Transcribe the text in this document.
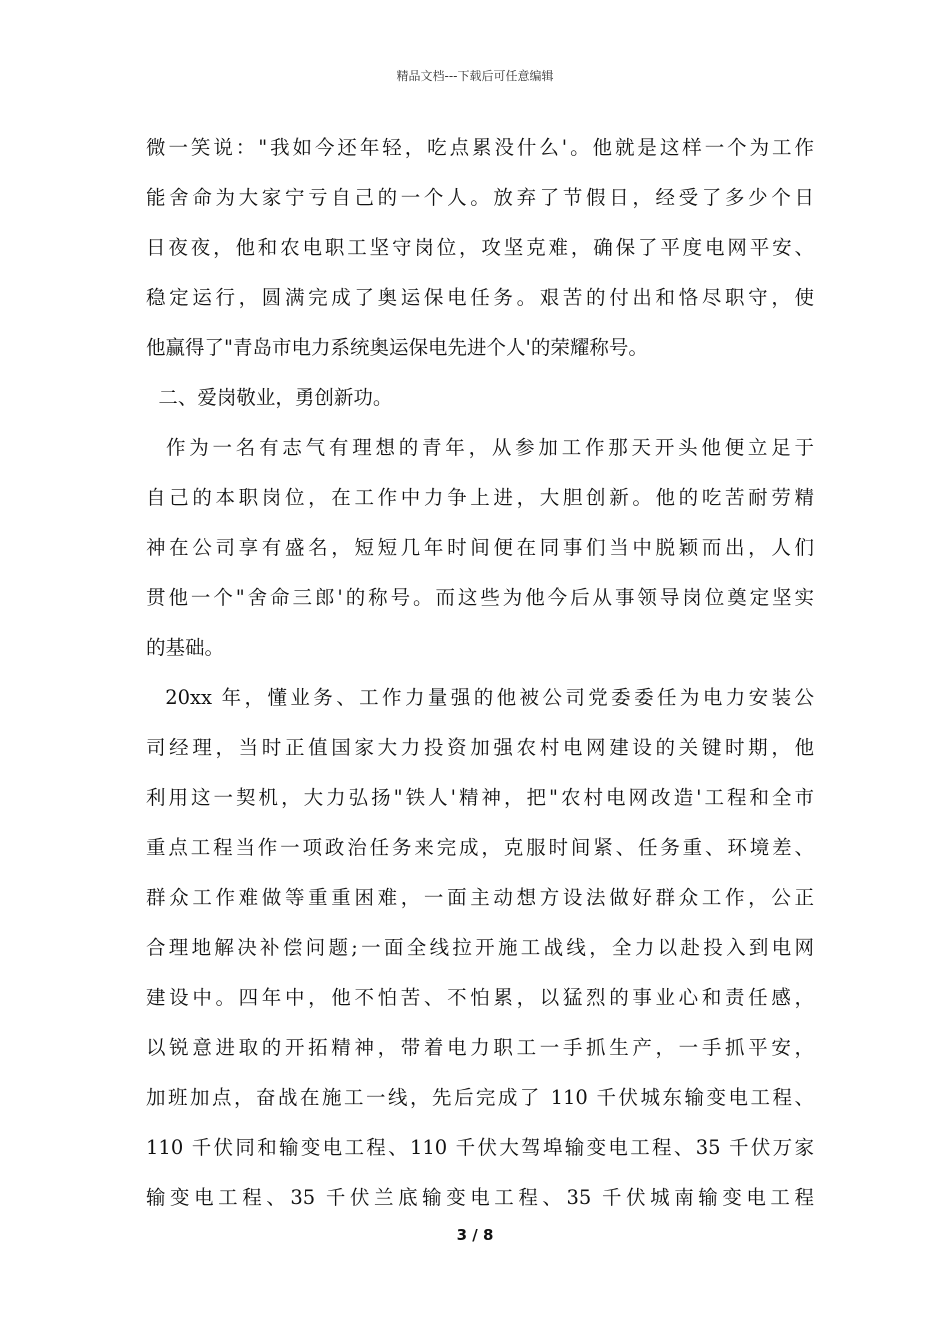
精品文档---下载后可任意编辑
微一笑说："我如今还年轻，吃点累没什么'。他就是这样一个为工作
能舍命为大家宁亏自己的一个人。放弃了节假日，经受了多少个日
日夜夜，他和农电职工坚守岗位，攻坚克难，确保了平度电网平安、
稳定运行，圆满完成了奥运保电任务。艰苦的付出和恪尽职守，使
他赢得了"青岛市电力系统奥运保电先进个人'的荣耀称号。
二、爱岗敬业，勇创新功。
作为一名有志气有理想的青年，从参加工作那天开头他便立足于
自己的本职岗位，在工作中力争上进，大胆创新。他的吃苦耐劳精
神在公司享有盛名，短短几年时间便在同事们当中脱颖而出，人们
贯他一个"舍命三郎'的称号。而这些为他今后从事领导岗位奠定坚实
的基础。
20xx 年，懂业务、工作力量强的他被公司党委委任为电力安装公
司经理，当时正值国家大力投资加强农村电网建设的关键时期，他
利用这一契机，大力弘扬"铁人'精神，把"农村电网改造'工程和全市
重点工程当作一项政治任务来完成，克服时间紧、任务重、环境差、
群众工作难做等重重困难，一面主动想方设法做好群众工作，公正
合理地解决补偿问题;一面全线拉开施工战线，全力以赴投入到电网
建设中。四年中，他不怕苦、不怕累，以猛烈的事业心和责任感，
以锐意进取的开拓精神，带着电力职工一手抓生产，一手抓平安，
加班加点，奋战在施工一线，先后完成了 110 千伏城东输变电工程、
110 千伏同和输变电工程、110 千伏大驾埠输变电工程、35 千伏万家
输变电工程、35 千伏兰底输变电工程、35 千伏城南输变电工程
3 / 8
